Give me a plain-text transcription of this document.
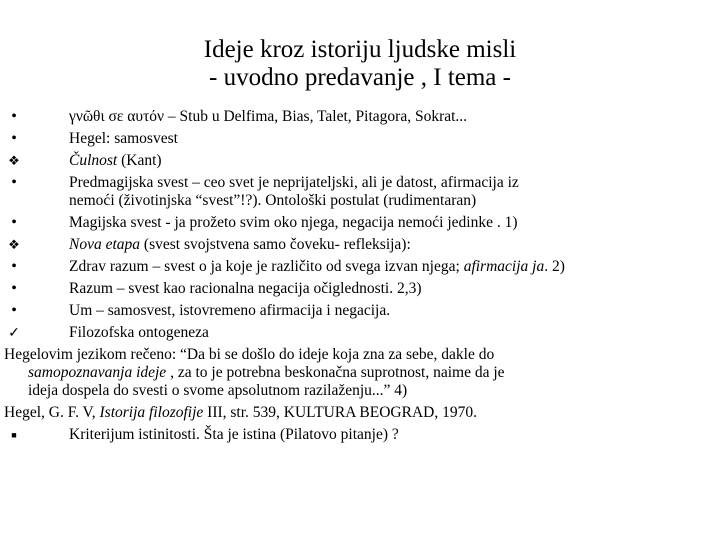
Ideje kroz istoriju ljudske misli
- uvodno predavanje , I tema -
•
γνῶθι σε αυτόν – Stub u Delfima, Bias, Talet, Pitagora, Sokrat...
•
Hegel: samosvest
❖
Čulnost (Kant)
•
Predmagijska svest – ceo svet je neprijateljski, ali je datost, afirmacija iz
nemoći (životinjska “svest”!?). Ontološki postulat (rudimentaran)
•
Magijska svest - ja prožeto svim oko njega, negacija nemoći jedinke . 1)
❖
Nova etapa (svest svojstvena samo čoveku- refleksija):
•
Zdrav razum – svest o ja koje je različito od svega izvan njega; afirmacija ja. 2)
•
Razum – svest kao racionalna negacija očiglednosti. 2,3)
•
Um – samosvest, istovremeno afirmacija i negacija.
✓
Filozofska ontogeneza
Hegelovim jezikom rečeno: “Da bi se došlo do ideje koja zna za sebe, dakle do
samopoznavanja ideje , za to je potrebna beskonačna suprotnost, naime da je
ideja dospela do svesti o svome apsolutnom razilaženju...” 4)
Hegel, G. F. V, Istorija filozofije III, str. 539, KULTURA BEOGRAD, 1970.
■
Kriterijum istinitosti. Šta je istina (Pilatovo pitanje) ?
